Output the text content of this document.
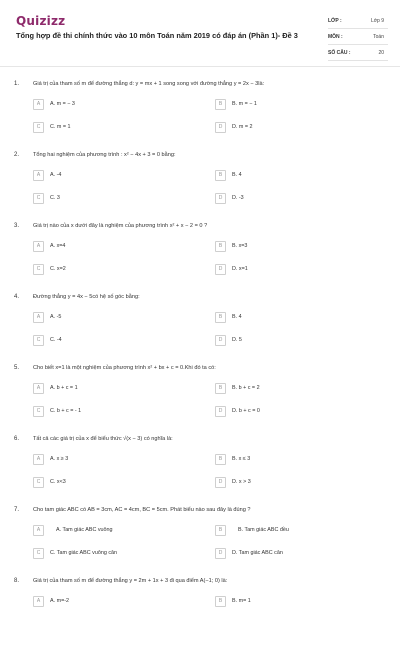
Quizizz
Tổng hợp đề thi chính thức vào 10 môn Toán năm 2019 có đáp án (Phần 1)- Đề 3
LỚP :	Lớp 9
MÔN :	Toán
SỐ CÂU :	20
1. Giá trị của tham số m để đường thẳng d: y = mx + 1 song song với đường thẳng y = 2x − 3là:
A	A. m = − 3	B	B. m = − 1
C	C. m = 1	D	D. m = 2
2. Tổng hai nghiệm của phương trình : x² − 4x + 3 = 0 bằng:
A	A. -4	B	B. 4
C	C. 3	D	D. -3
3. Giá trị nào của x dưới đây là nghiệm của phương trình x² + x − 2 = 0 ?
A	A. x=4	B	B. x=3
C	C. x=2	D	D. x=1
4. Đường thẳng y = 4x − 5có hệ số góc bằng:
A	A. -5	B	B. 4
C	C. -4	D	D. 5
5. Cho biết x=1 là một nghiệm của phương trình x² + bx + c = 0.Khi đó ta có:
A	A. b + c = 1	B	B. b + c = 2
C	C. b + c = - 1	D	D. b + c = 0
6. Tất cả các giá trị của x để biểu thức √(x − 3) có nghĩa là:
A	A. x ≥ 3	B	B. x ≤ 3
C	C. x<3	D	D. x > 3
7. Cho tam giác ABC có AB = 3cm, AC = 4cm, BC = 5cm. Phát biểu nào sau đây là đúng ?
A	A. Tam giác ABC vuông	B	B. Tam giác ABC đều
C	C. Tam giác ABC vuông cân	D	D. Tam giác ABC cân
8. Giá trị của tham số m để đường thẳng y = 2m + 1x + 3 đi qua điểm A(−1; 0) là:
A	A. m=-2	B	B. m= 1
